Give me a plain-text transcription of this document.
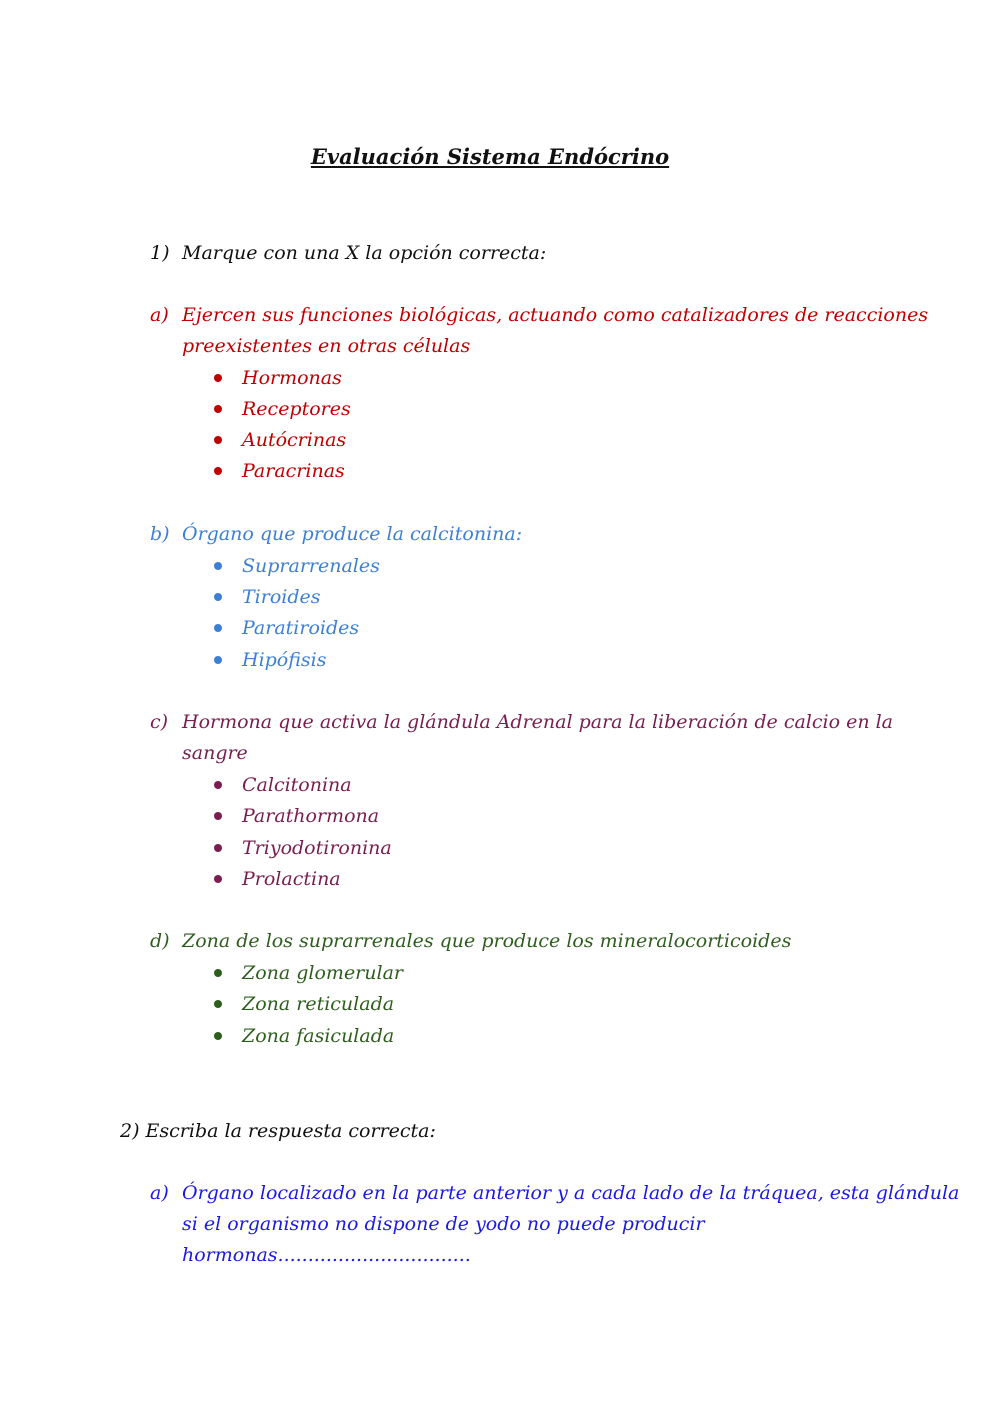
Evaluación Sistema Endócrino
1) Marque con una X la opción correcta:
a) Ejercen sus funciones biológicas, actuando como catalizadores de reacciones
preexistentes en otras células
Hormonas
Receptores
Autócrinas
Paracrinas
b) Órgano que produce la calcitonina:
Suprarrenales
Tiroides
Paratiroides
Hipófisis
c) Hormona que activa la glándula Adrenal para la liberación de calcio en la
sangre
Calcitonina
Parathormona
Triyodotironina
Prolactina
d) Zona de los suprarrenales que produce los mineralocorticoides
Zona glomerular
Zona reticulada
Zona fasiculada
2) Escriba la respuesta correcta:
a) Órgano localizado en la parte anterior y a cada lado de la tráquea, esta glándula
si el organismo no dispone de yodo no puede producir
hormonas................................
